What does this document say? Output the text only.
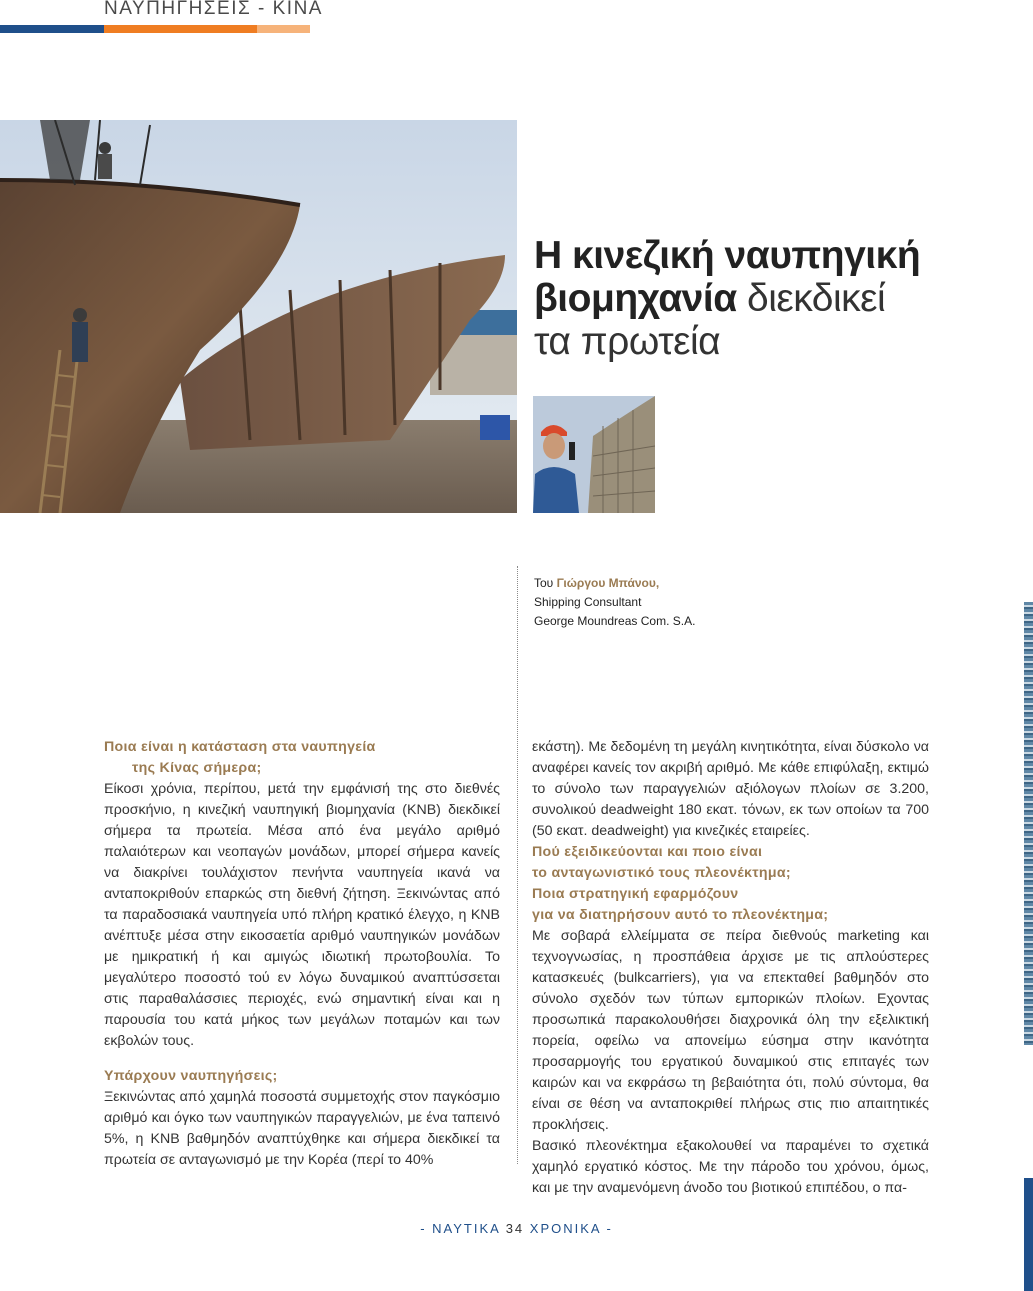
ΝΑΥΠΗΓΗΣΕΙΣ - ΚΙΝΑ
Η κινεζική ναυπηγική
βιομηχανία διεκδικεί
τα πρωτεία
Του Γιώργου Μπάνου,
Shipping Consultant
George Moundreas Com. S.A.
Ποια είναι η κατάσταση στα ναυπηγεία
της Κίνας σήμερα;
Είκοσι χρόνια, περίπου, μετά την εμφάνισή της στο διεθνές προσκήνιο, η κινεζική ναυπηγική βιομηχανία (ΚΝΒ) διεκδικεί σήμερα τα πρωτεία. Μέσα από ένα μεγάλο αριθμό παλαιότερων και νεοπαγών μονάδων, μπορεί σήμερα κανείς να διακρίνει τουλάχιστον πενήντα ναυπηγεία ικανά να ανταποκριθούν επαρκώς στη διεθνή ζήτηση. Ξεκινώντας από τα παραδοσιακά ναυπηγεία υπό πλήρη κρατικό έλεγχο, η ΚΝΒ ανέπτυξε μέσα στην εικοσαετία αριθμό ναυπηγικών μονάδων με ημικρατική ή και αμιγώς ιδιωτική πρωτοβουλία. Το μεγαλύτερο ποσοστό τού εν λόγω δυναμικού αναπτύσσεται στις παραθαλάσσιες περιοχές, ενώ σημαντική είναι και η παρουσία του κατά μήκος των μεγάλων ποταμών και των εκβολών τους.
Υπάρχουν ναυπηγήσεις;
Ξεκινώντας από χαμηλά ποσοστά συμμετοχής στον παγκόσμιο αριθμό και όγκο των ναυπηγικών παραγγελιών, με ένα ταπεινό 5%, η ΚΝΒ βαθμηδόν αναπτύχθηκε και σήμερα διεκδικεί τα πρωτεία σε ανταγωνισμό με την Κορέα (περί το 40%
εκάστη). Με δεδομένη τη μεγάλη κινητικότητα, είναι δύσκολο να αναφέρει κανείς τον ακριβή αριθμό. Με κάθε επιφύλαξη, εκτιμώ το σύνολο των παραγγελιών αξιόλογων πλοίων σε 3.200, συνολικού deadweight 180 εκατ. τόνων, εκ των οποίων τα 700 (50 εκατ. deadweight) για κινεζικές εταιρείες.
Πού εξειδικεύονται και ποιο είναι
το ανταγωνιστικό τους πλεονέκτημα;
Ποια στρατηγική εφαρμόζουν
για να διατηρήσουν αυτό το πλεονέκτημα;
Με σοβαρά ελλείμματα σε πείρα διεθνούς marketing και τεχνογνωσίας, η προσπάθεια άρχισε με τις απλούστερες κατασκευές (bulkcarriers), για να επεκταθεί βαθμηδόν στο σύνολο σχεδόν των τύπων εμπορικών πλοίων. Εχοντας προσωπικά παρακολουθήσει διαχρονικά όλη την εξελικτική πορεία, οφείλω να απονείμω εύσημα στην ικανότητα προσαρμογής του εργατικού δυναμικού στις επιταγές των καιρών και να εκφράσω τη βεβαιότητα ότι, πολύ σύντομα, θα είναι σε θέση να ανταποκριθεί πλήρως στις πιο απαιτητικές προκλήσεις.
Βασικό πλεονέκτημα εξακολουθεί να παραμένει το σχετικά χαμηλό εργατικό κόστος. Με την πάροδο του χρόνου, όμως, και με την αναμενόμενη άνοδο του βιοτικού επιπέδου, ο πα-
- ΝΑΥΤΙΚΑ 34 ΧΡΟΝΙΚΑ -
